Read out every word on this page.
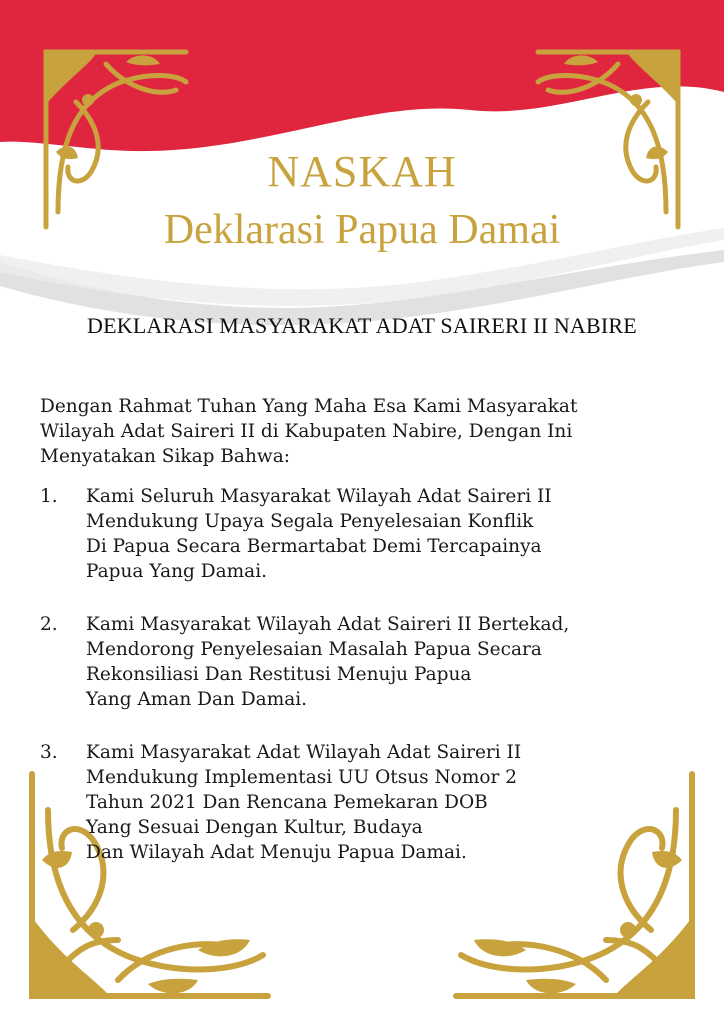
NASKAH
Deklarasi Papua Damai
DEKLARASI MASYARAKAT ADAT SAIRERI II NABIRE
Dengan Rahmat Tuhan Yang Maha Esa Kami Masyarakat
Wilayah Adat Saireri II di Kabupaten Nabire, Dengan Ini
Menyatakan Sikap Bahwa:
1. Kami Seluruh Masyarakat Wilayah Adat Saireri II
Mendukung Upaya Segala Penyelesaian Konflik
Di Papua Secara Bermartabat Demi Tercapainya
Papua Yang Damai.
2. Kami Masyarakat Wilayah Adat Saireri II Bertekad,
Mendorong Penyelesaian Masalah Papua Secara
Rekonsiliasi Dan Restitusi Menuju Papua
Yang Aman Dan Damai.
3. Kami Masyarakat Adat Wilayah Adat Saireri II
Mendukung Implementasi UU Otsus Nomor 2
Tahun 2021 Dan Rencana Pemekaran DOB
Yang Sesuai Dengan Kultur, Budaya
Dan Wilayah Adat Menuju Papua Damai.
